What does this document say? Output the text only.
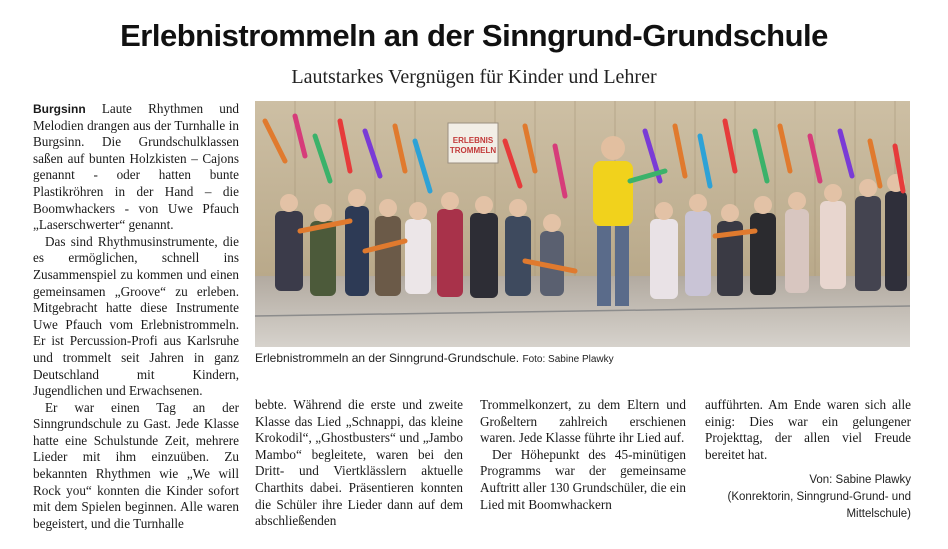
Erlebnistrommeln an der Sinngrund-Grundschule
Lautstarkes Vergnügen für Kinder und Lehrer

Burgsinn Laute Rhythmen und Melodien drangen aus der Turnhalle in Burgsinn. Die Grundschulklassen saßen auf bunten Holzkisten – Cajons genannt - oder hatten bunte Plastikröhren in der Hand – die Boomwhackers - von Uwe Pfauch „Laserschwerter“ genannt.

Das sind Rhythmusinstrumente, die es ermöglichen, schnell ins Zusammenspiel zu kommen und einen gemeinsamen „Groove“ zu erleben. Mitgebracht hatte diese Instrumente Uwe Pfauch vom Erlebnistrommeln. Er ist Percussion-Profi aus Karlsruhe und trommelt seit Jahren in ganz Deutschland mit Kindern, Jugendlichen und Erwachsenen.

Er war einen Tag an der Sinngrundschule zu Gast. Jede Klasse hatte eine Schulstunde Zeit, mehrere Lieder mit ihm einzuüben. Zu bekannten Rhythmen wie „We will Rock you“ konnten die Kinder sofort mit dem Spielen beginnen. Alle waren begeistert, und die Turnhalle

ERLEBNIS
TROMMELN
Erlebnistrommeln an der Sinngrund-Grundschule. Foto: Sabine Plawky

bebte. Während die erste und zweite Klasse das Lied „Schnappi, das kleine Krokodil“, „Ghostbusters“ und „Jambo Mambo“ begleitete, waren bei den Dritt- und Viertklässlern aktuelle Charthits dabei. Präsentieren konnten die Schüler ihre Lieder dann auf dem abschließenden

Trommelkonzert, zu dem Eltern und Großeltern zahlreich erschienen waren. Jede Klasse führte ihr Lied auf.

Der Höhepunkt des 45-minütigen Programms war der gemeinsame Auftritt aller 130 Grundschüler, die ein Lied mit Boomwhackern

aufführten. Am Ende waren sich alle einig: Dies war ein gelungener Projekttag, der allen viel Freude bereitet hat.

Von: Sabine Plawky
(Konrektorin, Sinngrund-Grund- und
Mittelschule)
